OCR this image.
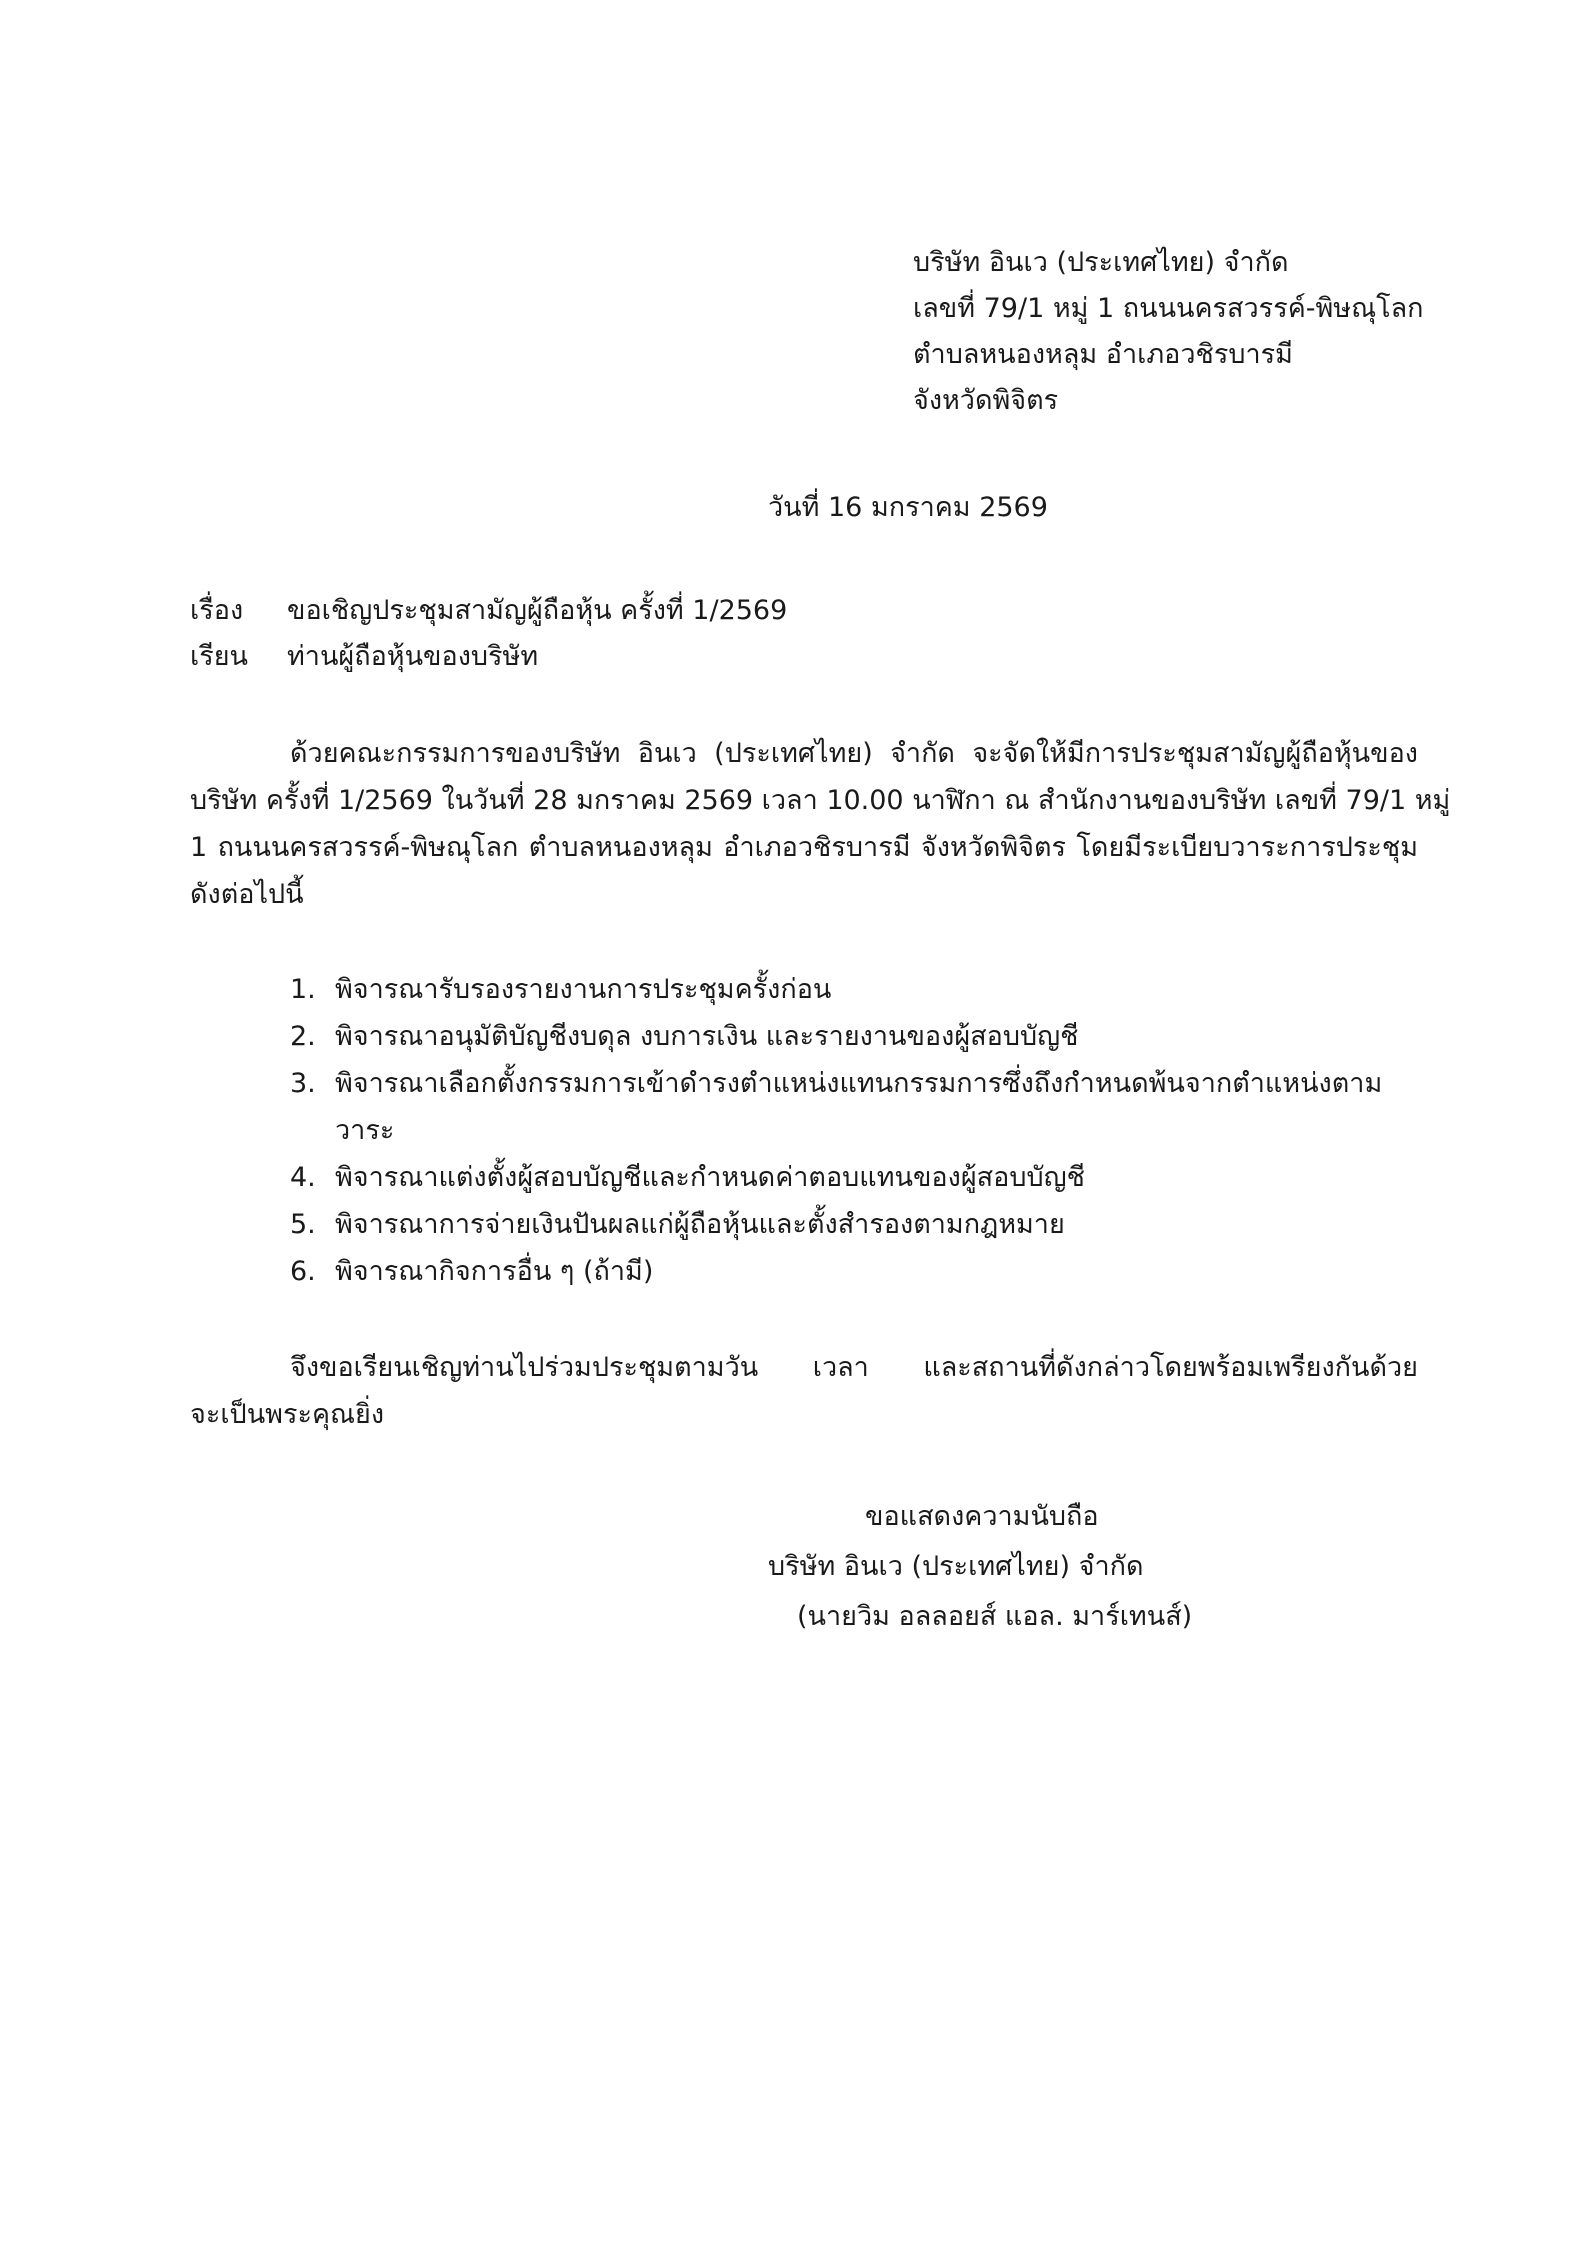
บริษัท อินเว (ประเทศไทย) จำกัด
เลขที่ 79/1 หมู่ 1 ถนนนครสวรรค์-พิษณุโลก
ตำบลหนองหลุม อำเภอวชิรบารมี
จังหวัดพิจิตร
วันที่ 16 มกราคม 2569
เรื่อง ขอเชิญประชุมสามัญผู้ถือหุ้น ครั้งที่ 1/2569
เรียน ท่านผู้ถือหุ้นของบริษัท
ด้วยคณะกรรมการของบริษัท อินเว (ประเทศไทย) จำกัด จะจัดให้มีการประชุมสามัญผู้ถือหุ้นของ
บริษัท ครั้งที่ 1/2569 ในวันที่ 28 มกราคม 2569 เวลา 10.00 นาฬิกา ณ สำนักงานของบริษัท เลขที่ 79/1 หมู่
1 ถนนนครสวรรค์-พิษณุโลก ตำบลหนองหลุม อำเภอวชิรบารมี จังหวัดพิจิตร โดยมีระเบียบวาระการประชุม
ดังต่อไปนี้
1. พิจารณารับรองรายงานการประชุมครั้งก่อน
2. พิจารณาอนุมัติบัญชีงบดุล งบการเงิน และรายงานของผู้สอบบัญชี
3. พิจารณาเลือกตั้งกรรมการเข้าดำรงตำแหน่งแทนกรรมการซึ่งถึงกำหนดพ้นจากตำแหน่งตาม
วาระ
4. พิจารณาแต่งตั้งผู้สอบบัญชีและกำหนดค่าตอบแทนของผู้สอบบัญชี
5. พิจารณาการจ่ายเงินปันผลแก่ผู้ถือหุ้นและตั้งสำรองตามกฎหมาย
6. พิจารณากิจการอื่น ๆ (ถ้ามี)
จึงขอเรียนเชิญท่านไปร่วมประชุมตามวัน เวลา และสถานที่ดังกล่าวโดยพร้อมเพรียงกันด้วย
จะเป็นพระคุณยิ่ง
ขอแสดงความนับถือ
บริษัท อินเว (ประเทศไทย) จำกัด
(นายวิม อลลอยส์ แอล. มาร์เทนส์)
